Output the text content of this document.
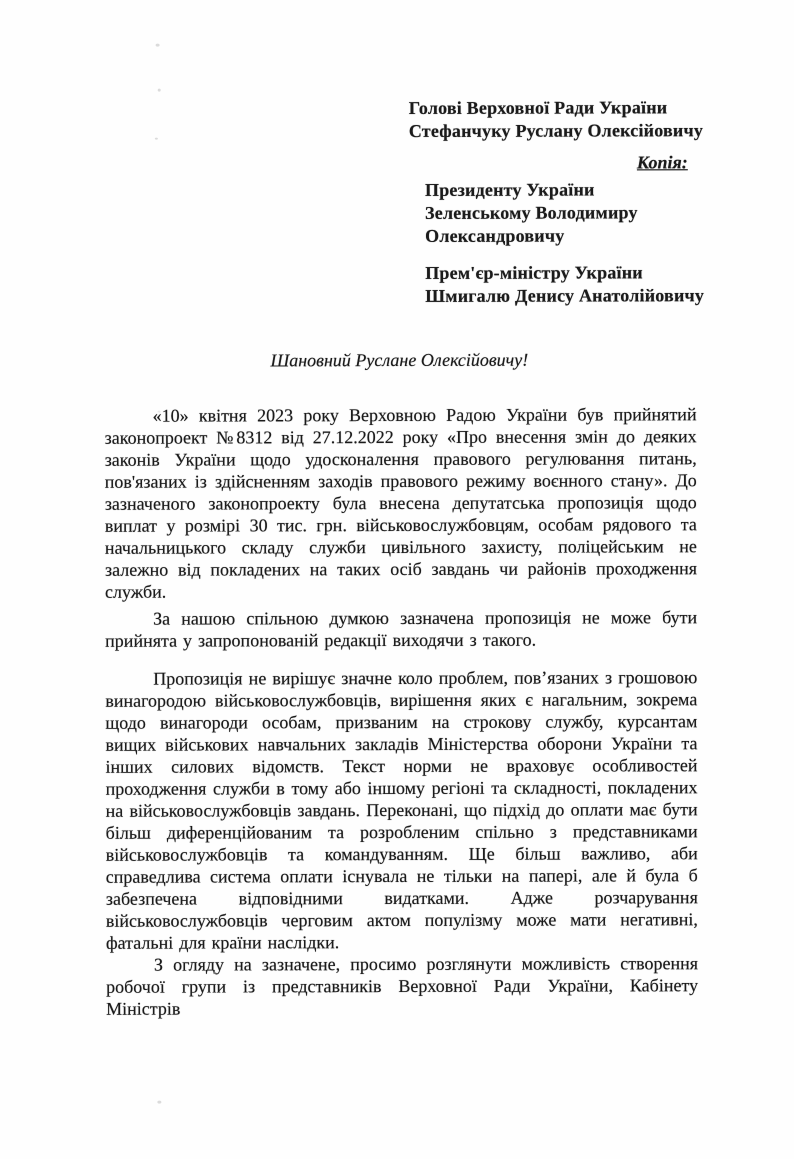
Голові Верховної Ради України
Стефанчуку Руслану Олексійовичу
Копія:
Президенту України
Зеленському Володимиру
Олександровичу
Прем'єр-міністру України
Шмигалю Денису Анатолійовичу
Шановний Руслане Олексійовичу!

«10» квітня 2023 року Верховною Радою України був прийнятий законопроект №8312 від 27.12.2022 року «Про внесення змін до деяких законів України щодо удосконалення правового регулювання питань, пов'язаних із здійсненням заходів правового режиму воєнного стану». До зазначеного законопроекту була внесена депутатська пропозиція щодо виплат у розмірі 30 тис. грн. військовослужбовцям, особам рядового та начальницького складу служби цивільного захисту, поліцейським не залежно від покладених на таких осіб завдань чи районів проходження служби.

За нашою спільною думкою зазначена пропозиція не може бути прийнята у запропонованій редакції виходячи з такого.

Пропозиція не вирішує значне коло проблем, пов’язаних з грошовою винагородою військовослужбовців, вирішення яких є нагальним, зокрема щодо винагороди особам, призваним на строкову службу, курсантам вищих військових навчальних закладів Міністерства оборони України та інших силових відомств. Текст норми не враховує особливостей проходження служби в тому або іншому регіоні та складності, покладених на військовослужбовців завдань. Переконані, що підхід до оплати має бути більш диференційованим та розробленим спільно з представниками військовослужбовців та командуванням. Ще більш важливо, аби справедлива система оплати існувала не тільки на папері, але й була б забезпечена відповідними видатками. Адже розчарування військовослужбовців черговим актом популізму може мати негативні, фатальні для країни наслідки.

З огляду на зазначене, просимо розглянути можливість створення робочої групи із представників Верховної Ради України, Кабінету Міністрів
